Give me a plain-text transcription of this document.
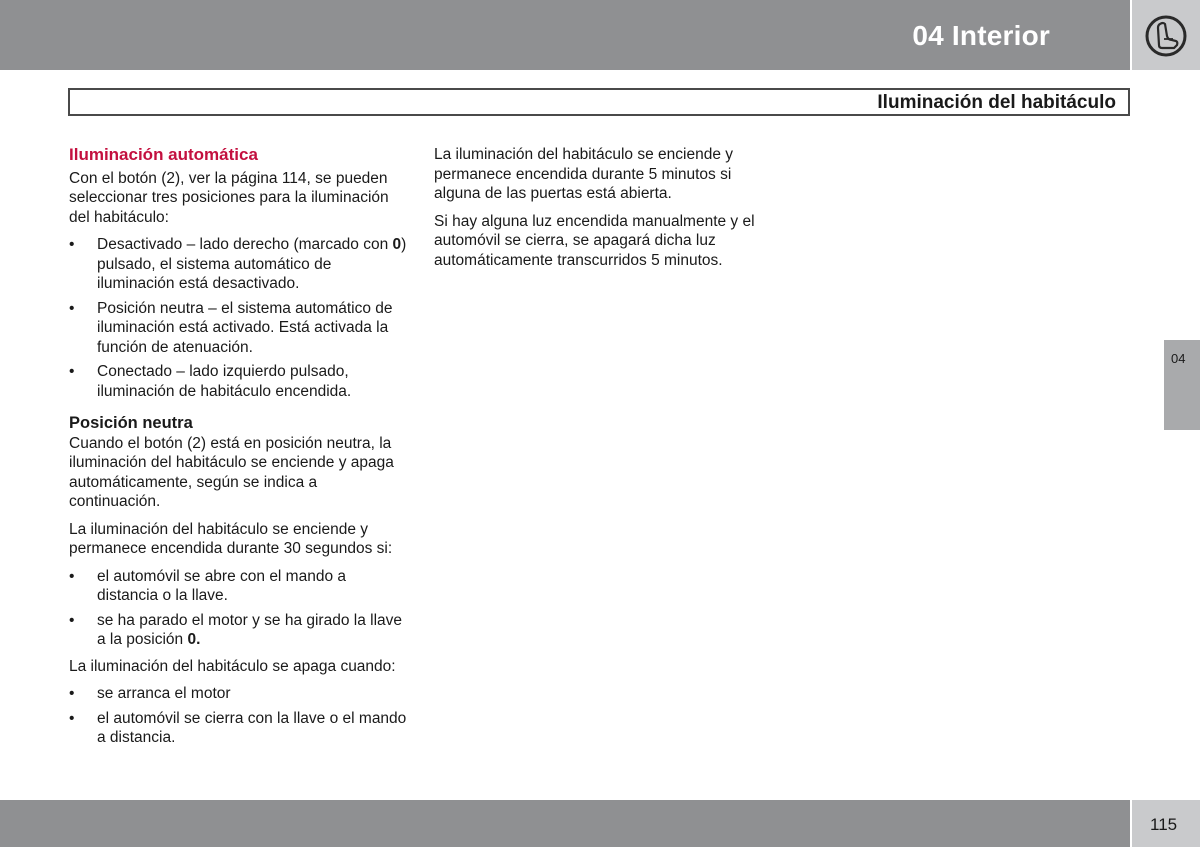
04 Interior
Iluminación del habitáculo
Iluminación automática

Con el botón (2), ver la página 114, se pueden seleccionar tres posiciones para la iluminación del habitáculo:

• Desactivado – lado derecho (marcado con 0) pulsado, el sistema automático de iluminación está desactivado.
• Posición neutra – el sistema automático de iluminación está activado. Está activada la función de atenuación.
• Conectado – lado izquierdo pulsado, iluminación de habitáculo encendida.
Posición neutra

Cuando el botón (2) está en posición neutra, la iluminación del habitáculo se enciende y apaga automáticamente, según se indica a continuación.

La iluminación del habitáculo se enciende y permanece encendida durante 30 segundos si:

• el automóvil se abre con el mando a distancia o la llave.
• se ha parado el motor y se ha girado la llave a la posición 0.

La iluminación del habitáculo se apaga cuando:

• se arranca el motor
• el automóvil se cierra con la llave o el mando a distancia.

La iluminación del habitáculo se enciende y permanece encendida durante 5 minutos si alguna de las puertas está abierta.

Si hay alguna luz encendida manualmente y el automóvil se cierra, se apagará dicha luz automáticamente transcurridos 5 minutos.

04
115
